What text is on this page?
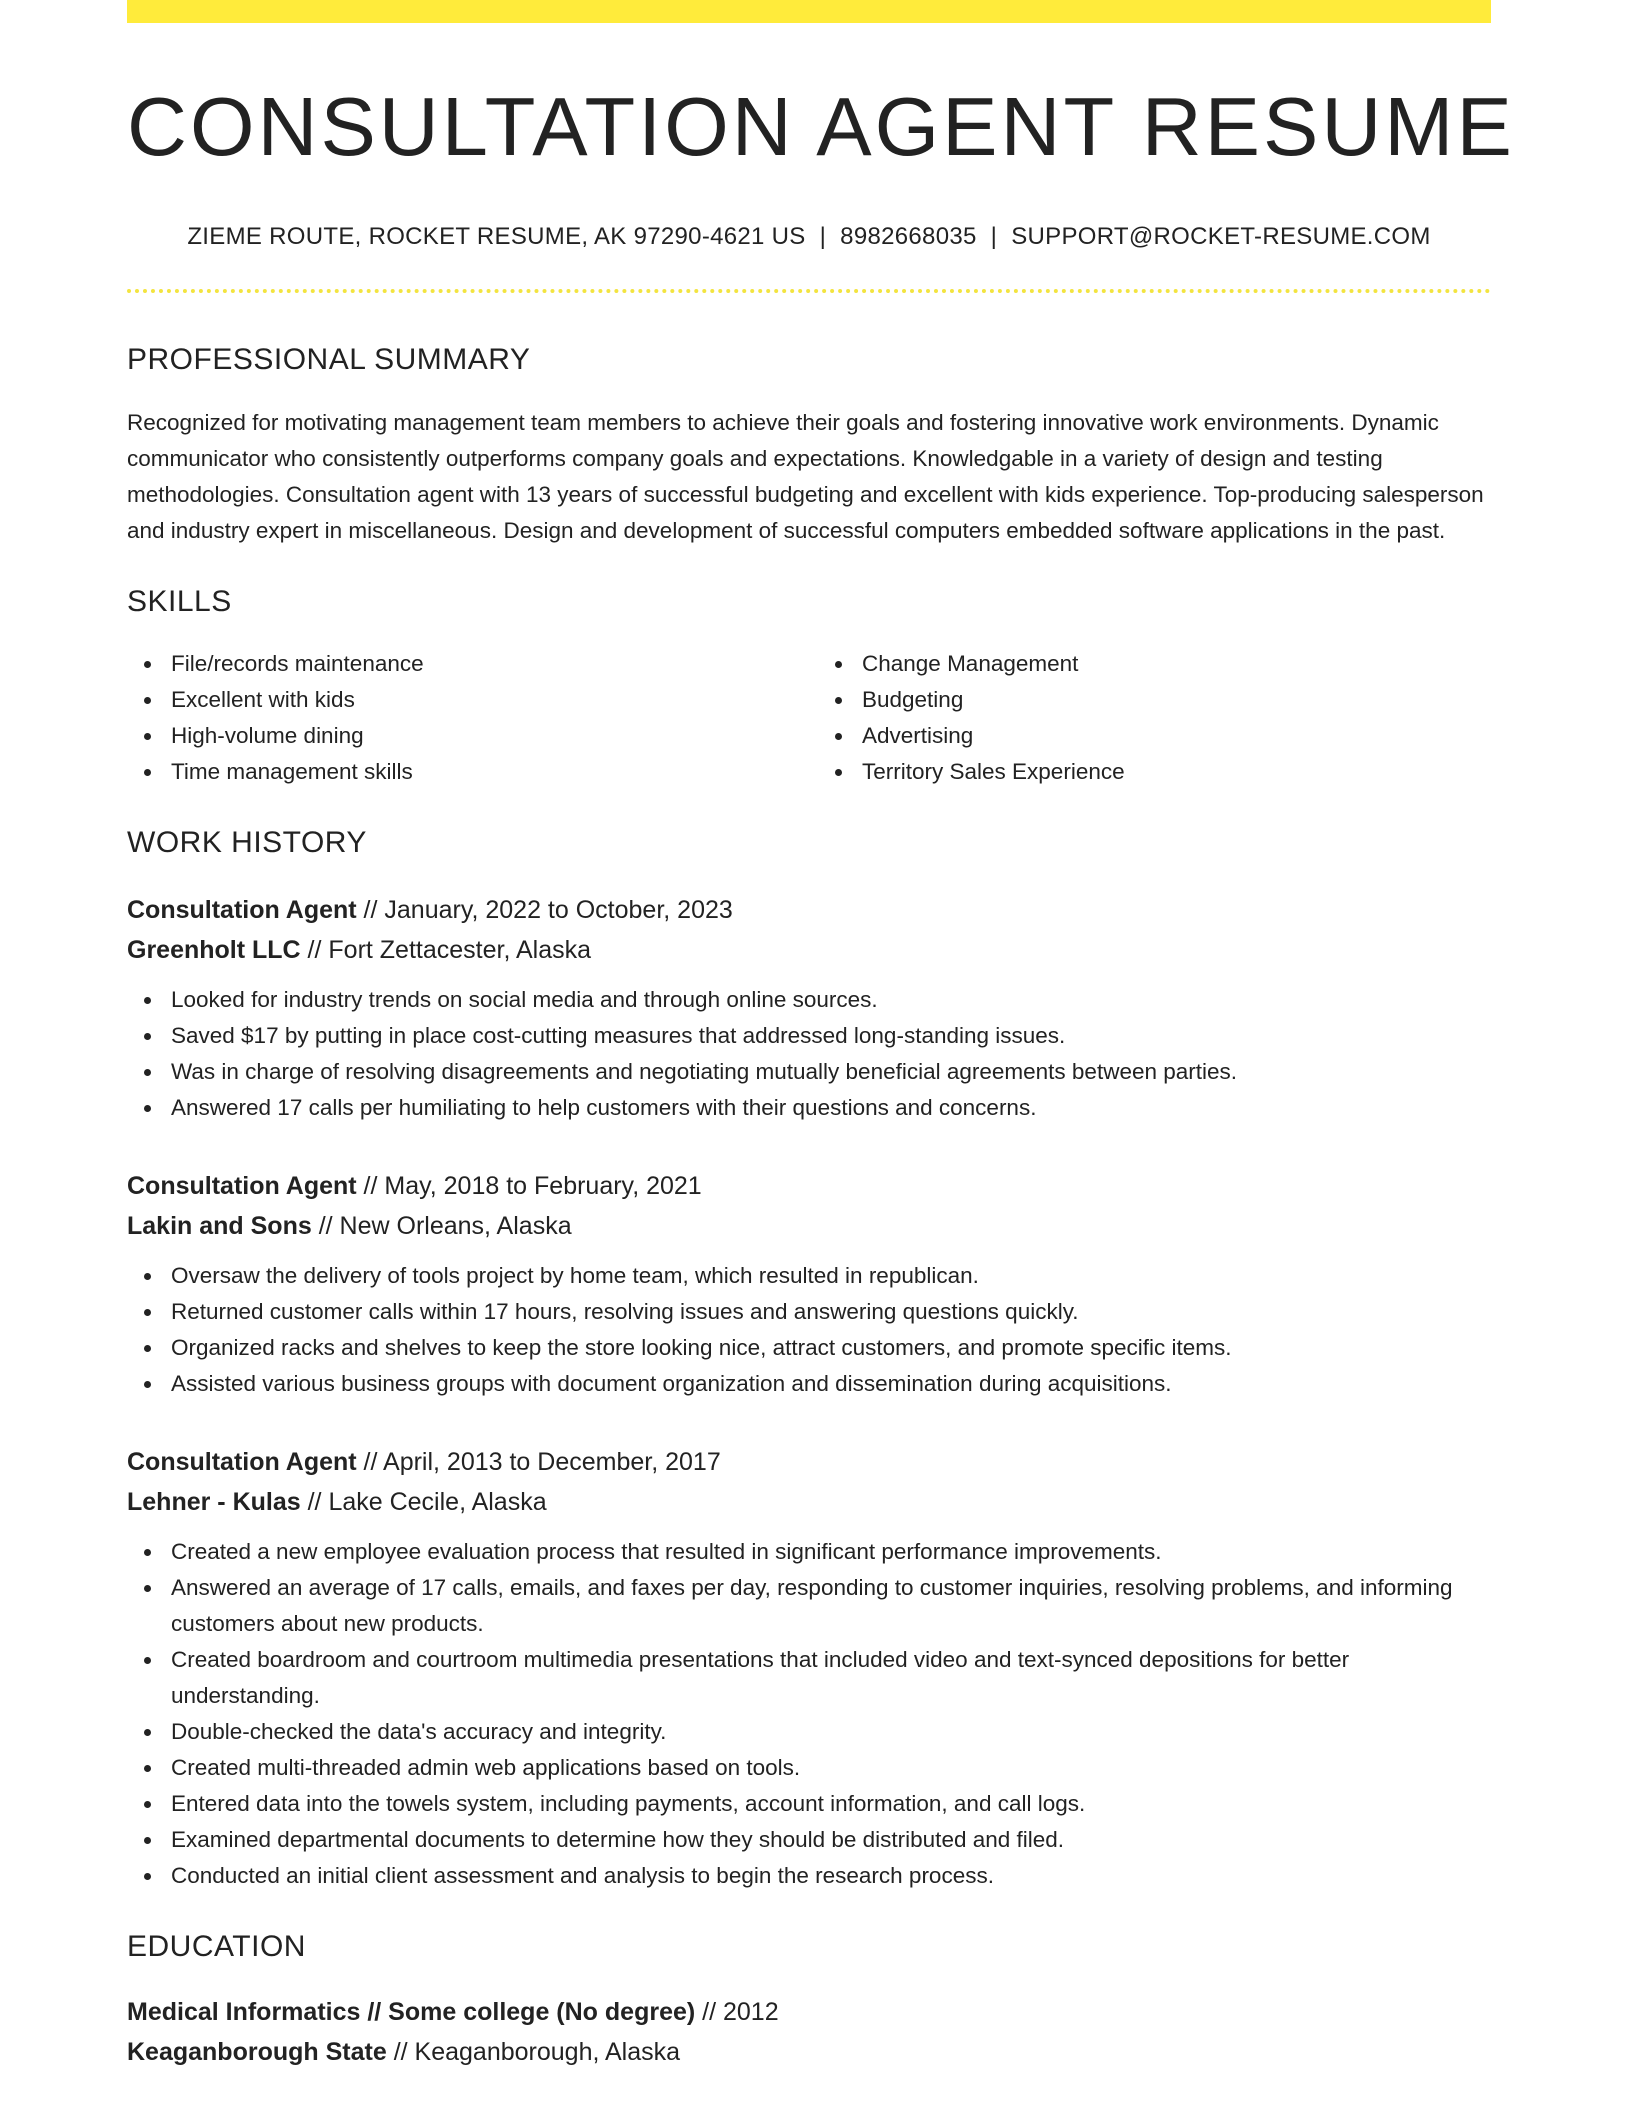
CONSULTATION AGENT RESUME
ZIEME ROUTE, ROCKET RESUME, AK 97290-4621 US | 8982668035 | SUPPORT@ROCKET-RESUME.COM
PROFESSIONAL SUMMARY

Recognized for motivating management team members to achieve their goals and fostering innovative work environments. Dynamic communicator who consistently outperforms company goals and expectations. Knowledgable in a variety of design and testing methodologies. Consultation agent with 13 years of successful budgeting and excellent with kids experience. Top-producing salesperson and industry expert in miscellaneous. Design and development of successful computers embedded software applications in the past.

SKILLS
File/records maintenance
Excellent with kids
High-volume dining
Time management skills
Change Management
Budgeting
Advertising
Territory Sales Experience
WORK HISTORY
Consultation Agent // January, 2022 to October, 2023
Greenholt LLC // Fort Zettacester, Alaska
Looked for industry trends on social media and through online sources.
Saved $17 by putting in place cost-cutting measures that addressed long-standing issues.
Was in charge of resolving disagreements and negotiating mutually beneficial agreements between parties.
Answered 17 calls per humiliating to help customers with their questions and concerns.
Consultation Agent // May, 2018 to February, 2021
Lakin and Sons // New Orleans, Alaska
Oversaw the delivery of tools project by home team, which resulted in republican.
Returned customer calls within 17 hours, resolving issues and answering questions quickly.
Organized racks and shelves to keep the store looking nice, attract customers, and promote specific items.
Assisted various business groups with document organization and dissemination during acquisitions.
Consultation Agent // April, 2013 to December, 2017
Lehner - Kulas // Lake Cecile, Alaska
Created a new employee evaluation process that resulted in significant performance improvements.
Answered an average of 17 calls, emails, and faxes per day, responding to customer inquiries, resolving problems, and informing customers about new products.
Created boardroom and courtroom multimedia presentations that included video and text-synced depositions for better understanding.
Double-checked the data's accuracy and integrity.
Created multi-threaded admin web applications based on tools.
Entered data into the towels system, including payments, account information, and call logs.
Examined departmental documents to determine how they should be distributed and filed.
Conducted an initial client assessment and analysis to begin the research process.
EDUCATION
Medical Informatics // Some college (No degree) // 2012
Keaganborough State // Keaganborough, Alaska
